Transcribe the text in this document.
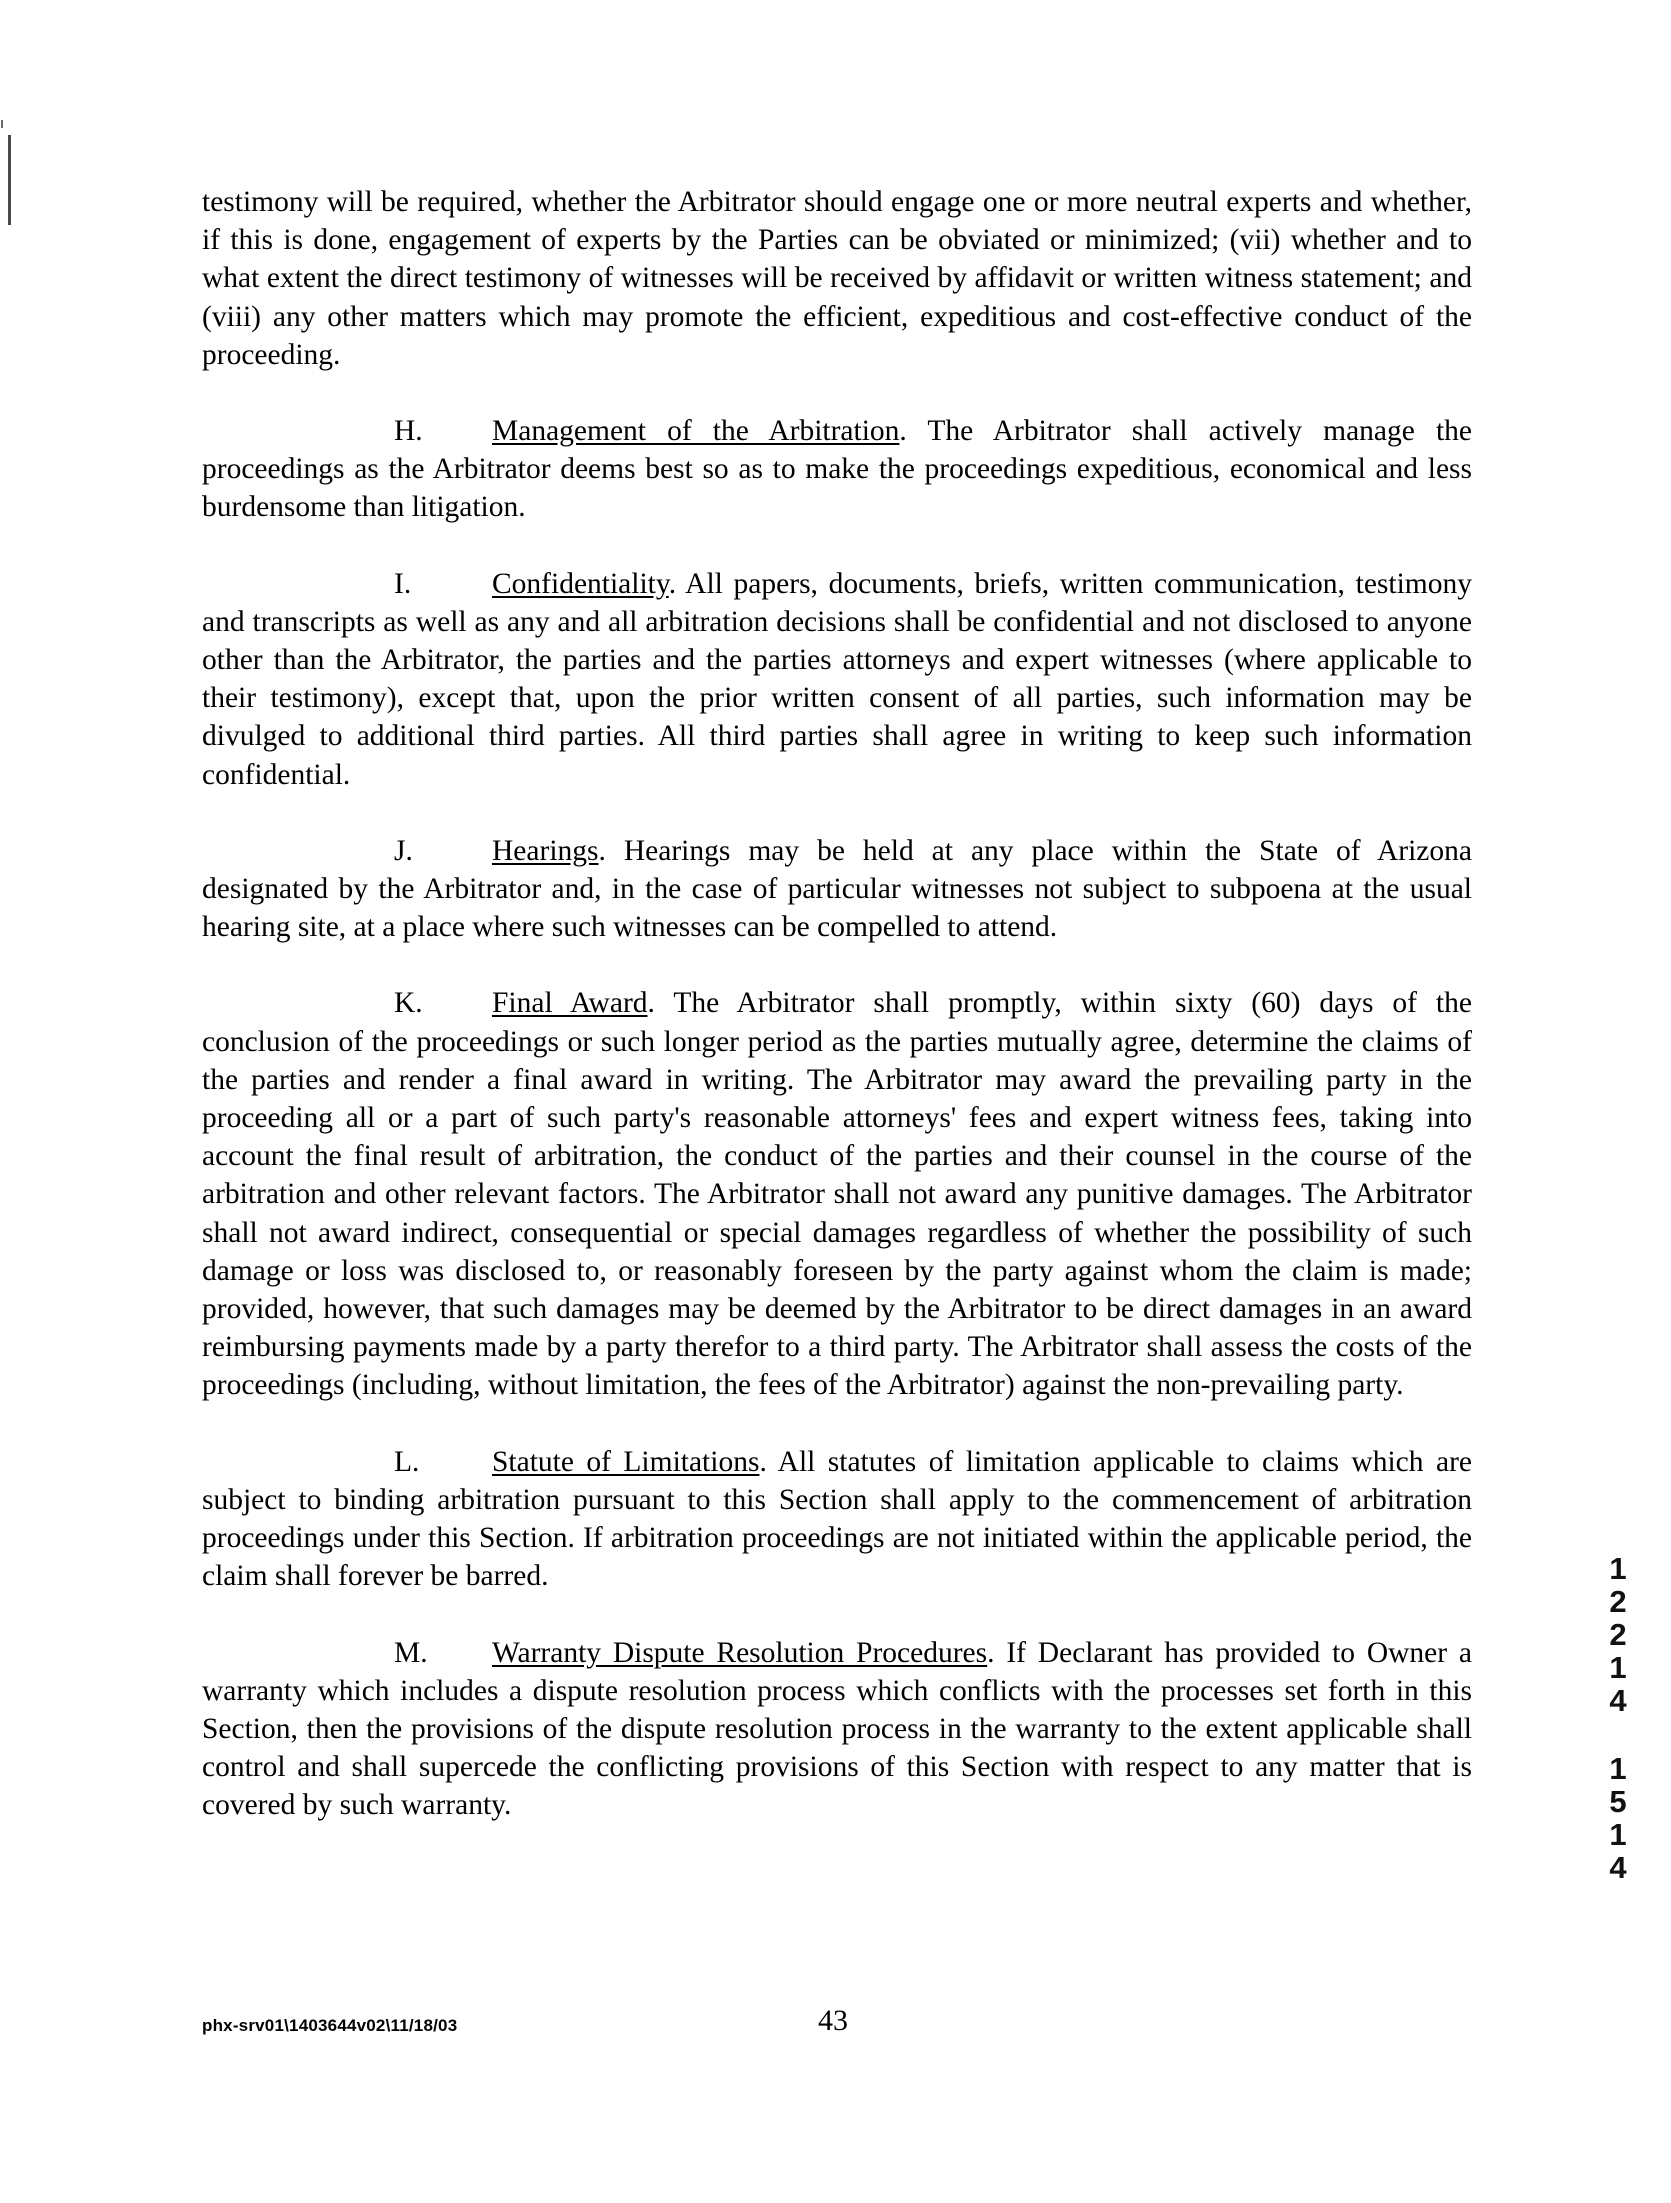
testimony will be required, whether the Arbitrator should engage one or more neutral experts and whether, if this is done, engagement of experts by the Parties can be obviated or minimized; (vii) whether and to what extent the direct testimony of witnesses will be received by affidavit or written witness statement; and (viii) any other matters which may promote the efficient, expeditious and cost-effective conduct of the proceeding.

H. Management of the Arbitration. The Arbitrator shall actively manage the proceedings as the Arbitrator deems best so as to make the proceedings expeditious, economical and less burdensome than litigation.

I.	Confidentiality. All papers, documents, briefs, written communication, testimony and transcripts as well as any and all arbitration decisions shall be confidential and not disclosed to anyone other than the Arbitrator, the parties and the parties attorneys and expert witnesses (where applicable to their testimony), except that, upon the prior written consent of all parties, such information may be divulged to additional third parties. All third parties shall agree in writing to keep such information confidential.

J.	Hearings. Hearings may be held at any place within the State of Arizona designated by the Arbitrator and, in the case of particular witnesses not subject to subpoena at the usual hearing site, at a place where such witnesses can be compelled to attend.

K. Final Award. The Arbitrator shall promptly, within sixty (60) days of the conclusion of the proceedings or such longer period as the parties mutually agree, determine the claims of the parties and render a final award in writing. The Arbitrator may award the prevailing party in the proceeding all or a part of such party's reasonable attorneys' fees and expert witness fees, taking into account the final result of arbitration, the conduct of the parties and their counsel in the course of the arbitration and other relevant factors. The Arbitrator shall not award any punitive damages. The Arbitrator shall not award indirect, consequential or special damages regardless of whether the possibility of such damage or loss was disclosed to, or reasonably foreseen by the party against whom the claim is made; provided, however, that such damages may be deemed by the Arbitrator to be direct damages in an award reimbursing payments made by a party therefor to a third party. The Arbitrator shall assess the costs of the proceedings (including, without limitation, the fees of the Arbitrator) against the non-prevailing party.

L. Statute of Limitations. All statutes of limitation applicable to claims which are subject to binding arbitration pursuant to this Section shall apply to the commencement of arbitration proceedings under this Section. If arbitration proceedings are not initiated within the applicable period, the claim shall forever be barred.

M. Warranty Dispute Resolution Procedures. If Declarant has provided to Owner a warranty which includes a dispute resolution process which conflicts with the processes set forth in this Section, then the provisions of the dispute resolution process in the warranty to the extent applicable shall control and shall supercede the conflicting provisions of this Section with respect to any matter that is covered by such warranty.

1
2
2
1
4
1
5
1
4
phx-srv01\1403644v02\11/18/03	43
